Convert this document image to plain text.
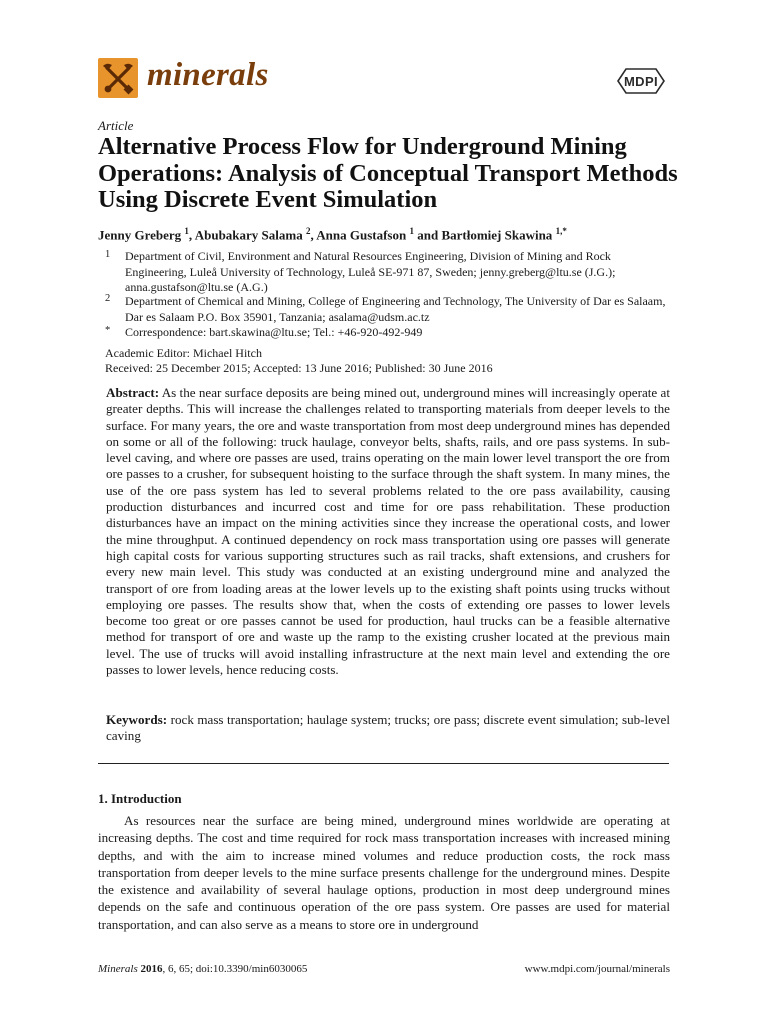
minerals	MDPI
Article
Alternative Process Flow for Underground Mining Operations: Analysis of Conceptual Transport Methods Using Discrete Event Simulation
Jenny Greberg $^1$, Abubakary Salama $^2$, Anna Gustafson $^1$ and Bartłomiej Skawina $^{1,*}$
1 Department of Civil, Environment and Natural Resources Engineering, Division of Mining and Rock Engineering, Luleå University of Technology, Luleå SE-971 87, Sweden; jenny.greberg@ltu.se (J.G.); anna.gustafson@ltu.se (A.G.)
2 Department of Chemical and Mining, College of Engineering and Technology, The University of Dar es Salaam, Dar es Salaam P.O. Box 35901, Tanzania; asalama@udsm.ac.tz
* Correspondence: bart.skawina@ltu.se; Tel.: +46-920-492-949
Academic Editor: Michael Hitch
Received: 25 December 2015; Accepted: 13 June 2016; Published: 30 June 2016
Abstract: As the near surface deposits are being mined out, underground mines will increasingly operate at greater depths. This will increase the challenges related to transporting materials from deeper levels to the surface. For many years, the ore and waste transportation from most deep underground mines has depended on some or all of the following: truck haulage, conveyor belts, shafts, rails, and ore pass systems. In sub-level caving, and where ore passes are used, trains operating on the main lower level transport the ore from ore passes to a crusher, for subsequent hoisting to the surface through the shaft system. In many mines, the use of the ore pass system has led to several problems related to the ore pass availability, causing production disturbances and incurred cost and time for ore pass rehabilitation. These production disturbances have an impact on the mining activities since they increase the operational costs, and lower the mine throughput. A continued dependency on rock mass transportation using ore passes will generate high capital costs for various supporting structures such as rail tracks, shaft extensions, and crushers for every new main level. This study was conducted at an existing underground mine and analyzed the transport of ore from loading areas at the lower levels up to the existing shaft points using trucks without employing ore passes. The results show that, when the costs of extending ore passes to lower levels become too great or ore passes cannot be used for production, haul trucks can be a feasible alternative method for transport of ore and waste up the ramp to the existing crusher located at the previous main level. The use of trucks will avoid installing infrastructure at the next main level and extending the ore passes to lower levels, hence reducing costs.
Keywords: rock mass transportation; haulage system; trucks; ore pass; discrete event simulation; sub-level caving
1. Introduction
As resources near the surface are being mined, underground mines worldwide are operating at increasing depths. The cost and time required for rock mass transportation increases with increased mining depths, and with the aim to increase mined volumes and reduce production costs, the rock mass transportation from deeper levels to the mine surface presents challenge for the underground mines. Despite the existence and availability of several haulage options, production in most deep underground mines depends on the safe and continuous operation of the ore pass system. Ore passes are used for material transportation, and can also serve as a means to store ore in underground
Minerals 2016, 6, 65; doi:10.3390/min6030065	www.mdpi.com/journal/minerals
